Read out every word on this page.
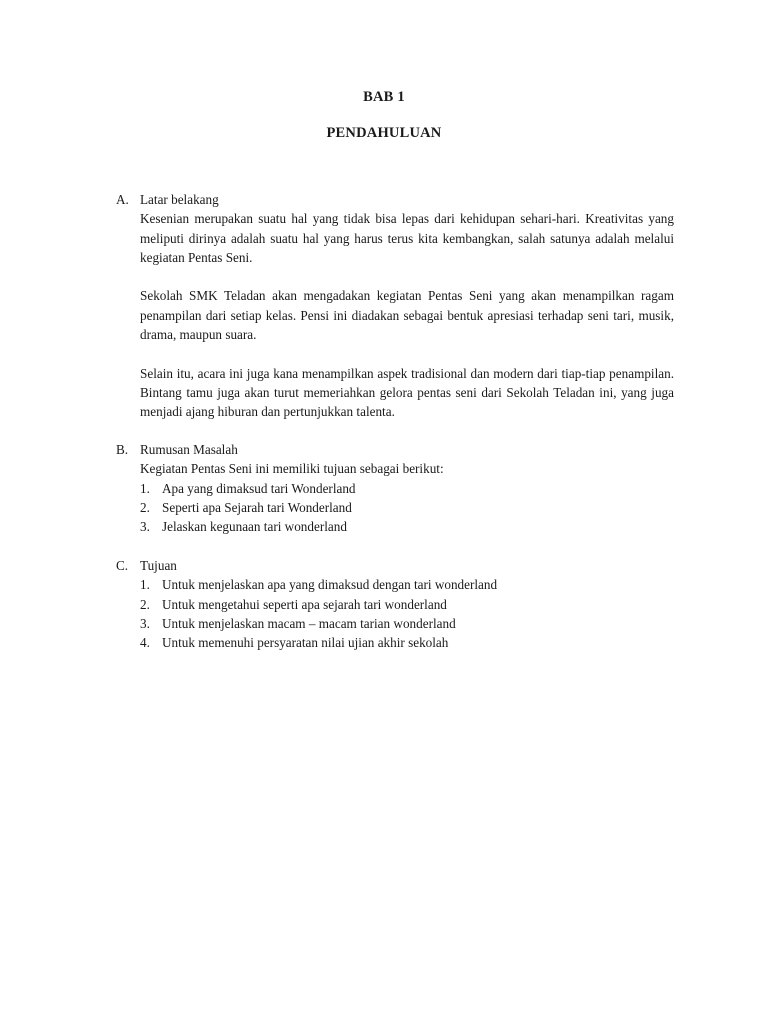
BAB 1
PENDAHULUAN
A. Latar belakang

Kesenian merupakan suatu hal yang tidak bisa lepas dari kehidupan sehari-hari. Kreativitas yang meliputi dirinya adalah suatu hal yang harus terus kita kembangkan, salah satunya adalah melalui kegiatan Pentas Seni.

Sekolah SMK Teladan akan mengadakan kegiatan Pentas Seni yang akan menampilkan ragam penampilan dari setiap kelas. Pensi ini diadakan sebagai bentuk apresiasi terhadap seni tari, musik, drama, maupun suara.

Selain itu, acara ini juga kana menampilkan aspek tradisional dan modern dari tiap-tiap penampilan. Bintang tamu juga akan turut memeriahkan gelora pentas seni dari Sekolah Teladan ini, yang juga menjadi ajang hiburan dan pertunjukkan talenta.

B. Rumusan Masalah

Kegiatan Pentas Seni ini memiliki tujuan sebagai berikut:

1. Apa yang dimaksud tari Wonderland
2. Seperti apa Sejarah tari Wonderland
3. Jelaskan kegunaan tari wonderland
C. Tujuan
1. Untuk menjelaskan apa yang dimaksud dengan tari wonderland
2. Untuk mengetahui seperti apa sejarah tari wonderland
3. Untuk menjelaskan macam – macam tarian wonderland
4. Untuk memenuhi persyaratan nilai ujian akhir sekolah
